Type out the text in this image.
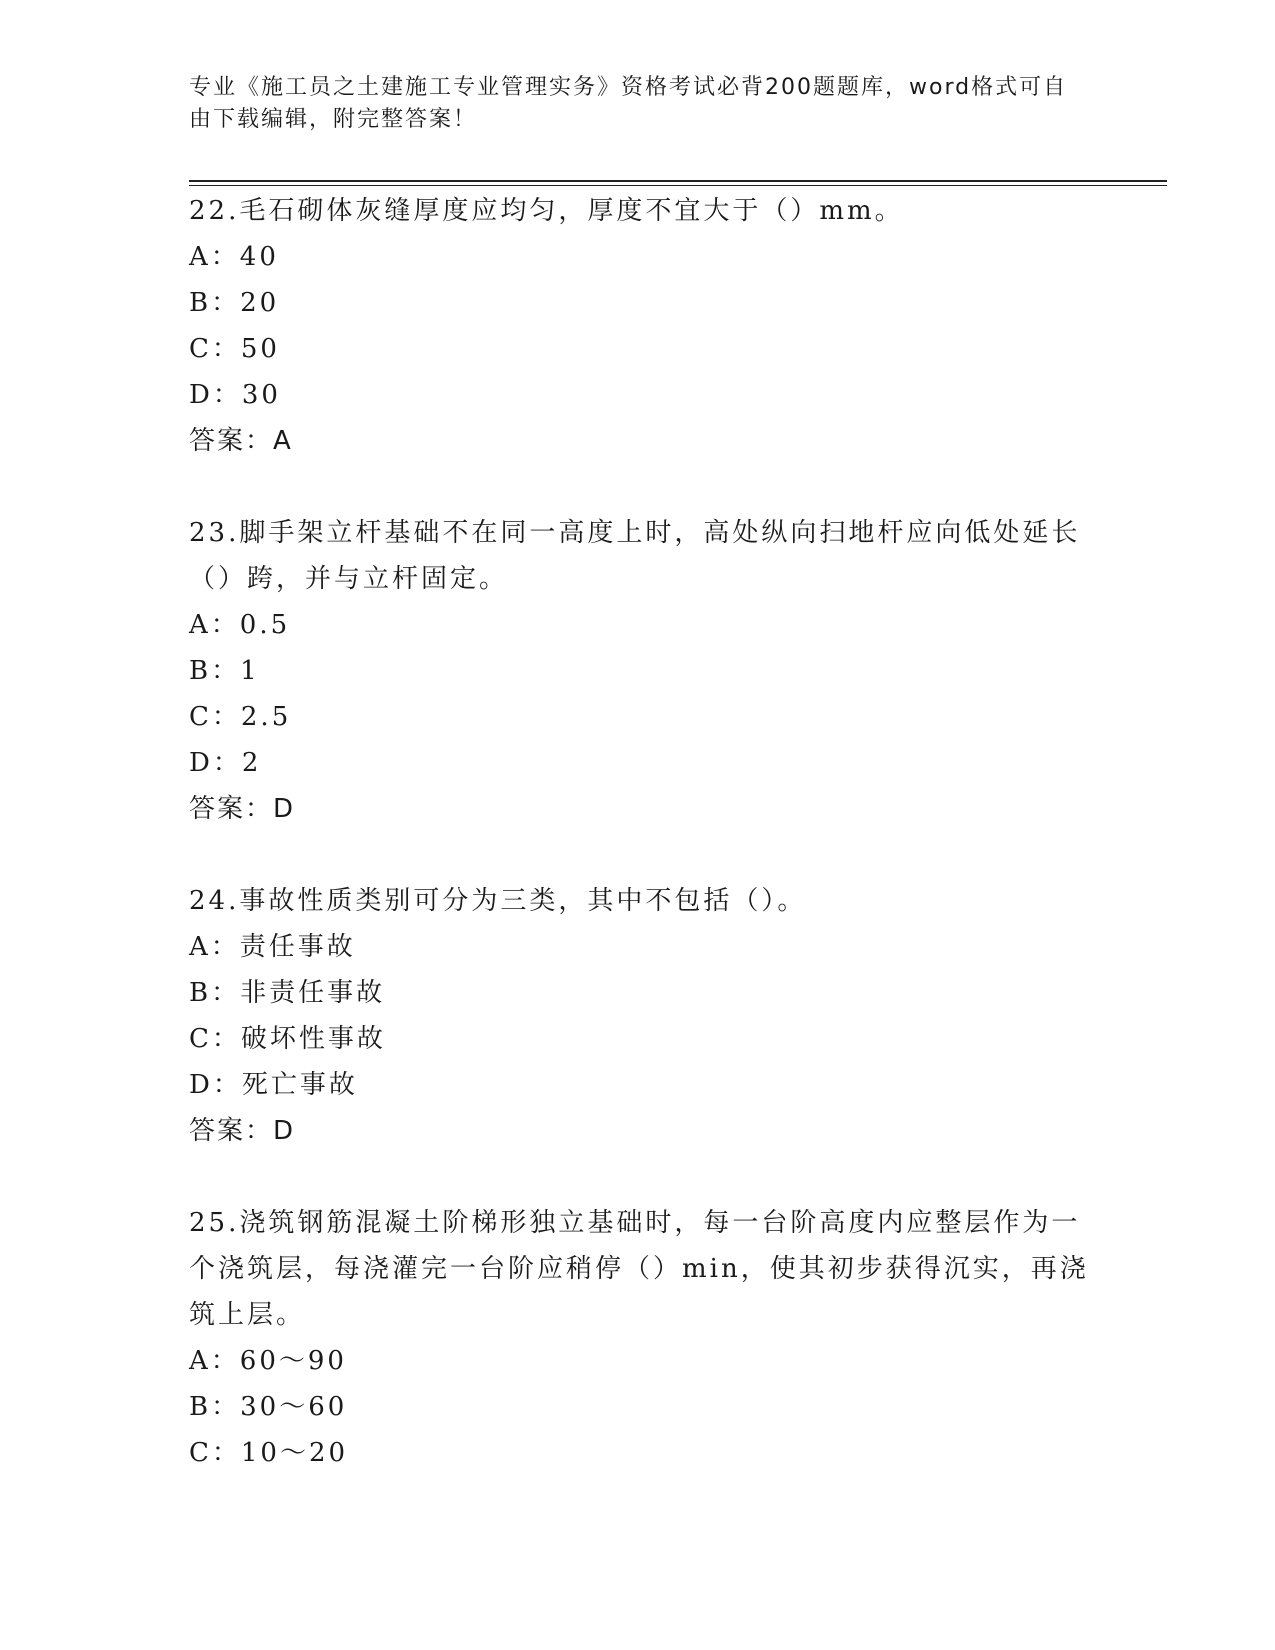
专业《施工员之土建施工专业管理实务》资格考试必背200题题库，word格式可自由下载编辑，附完整答案！

22.毛石砌体灰缝厚度应均匀，厚度不宜大于（）mm。

A：40

B：20

C：50

D：30

答案：A

23.脚手架立杆基础不在同一高度上时，高处纵向扫地杆应向低处延长（）跨，并与立杆固定。

A：0.5

B：1

C：2.5

D：2

答案：D

24.事故性质类别可分为三类，其中不包括（）。

A：责任事故

B：非责任事故

C：破坏性事故

D：死亡事故

答案：D

25.浇筑钢筋混凝土阶梯形独立基础时，每一台阶高度内应整层作为一个浇筑层，每浇灌完一台阶应稍停（）min，使其初步获得沉实，再浇筑上层。

A：60～90

B：30～60

C：10～20
